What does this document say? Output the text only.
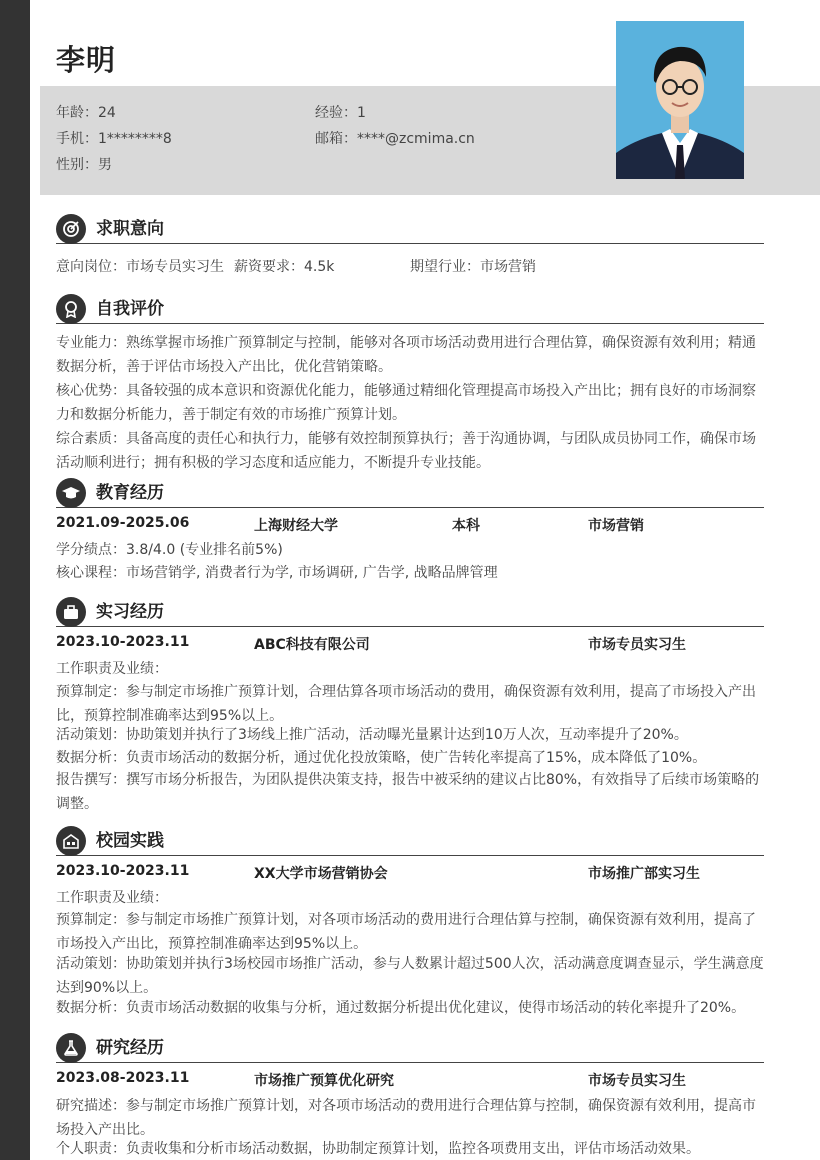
李明
年龄：24	经验：1
手机：1********8	邮箱：****@zcmima.cn
性别：男
求职意向
意向岗位：市场专员实习生 薪资要求：4.5k	期望行业：市场营销
自我评价
专业能力：熟练掌握市场推广预算制定与控制，能够对各项市场活动费用进行合理估算，确保资源有效利用；精通数据分析，善于评估市场投入产出比，优化营销策略。
核心优势：具备较强的成本意识和资源优化能力，能够通过精细化管理提高市场投入产出比；拥有良好的市场洞察力和数据分析能力，善于制定有效的市场推广预算计划。
综合素质：具备高度的责任心和执行力，能够有效控制预算执行；善于沟通协调，与团队成员协同工作，确保市场活动顺利进行；拥有积极的学习态度和适应能力，不断提升专业技能。
教育经历
2021.09-2025.06	上海财经大学	本科	市场营销
学分绩点：3.8/4.0 (专业排名前5%)
核心课程：市场营销学, 消费者行为学, 市场调研, 广告学, 战略品牌管理
实习经历
2023.10-2023.11	ABC科技有限公司	市场专员实习生
工作职责及业绩：
预算制定：参与制定市场推广预算计划，合理估算各项市场活动的费用，确保资源有效利用，提高了市场投入产出比，预算控制准确率达到95%以上。
活动策划：协助策划并执行了3场线上推广活动，活动曝光量累计达到10万人次，互动率提升了20%。
数据分析：负责市场活动的数据分析，通过优化投放策略，使广告转化率提高了15%，成本降低了10%。
报告撰写：撰写市场分析报告，为团队提供决策支持，报告中被采纳的建议占比80%，有效指导了后续市场策略的调整。
校园实践
2023.10-2023.11	XX大学市场营销协会	市场推广部实习生
工作职责及业绩：
预算制定：参与制定市场推广预算计划，对各项市场活动的费用进行合理估算与控制，确保资源有效利用，提高了市场投入产出比，预算控制准确率达到95%以上。
活动策划：协助策划并执行3场校园市场推广活动，参与人数累计超过500人次，活动满意度调查显示，学生满意度达到90%以上。
数据分析：负责市场活动数据的收集与分析，通过数据分析提出优化建议，使得市场活动的转化率提升了20%。
研究经历
2023.08-2023.11	市场推广预算优化研究	市场专员实习生
研究描述：参与制定市场推广预算计划，对各项市场活动的费用进行合理估算与控制，确保资源有效利用，提高市场投入产出比。
个人职责：负责收集和分析市场活动数据，协助制定预算计划，监控各项费用支出，评估市场活动效果。
